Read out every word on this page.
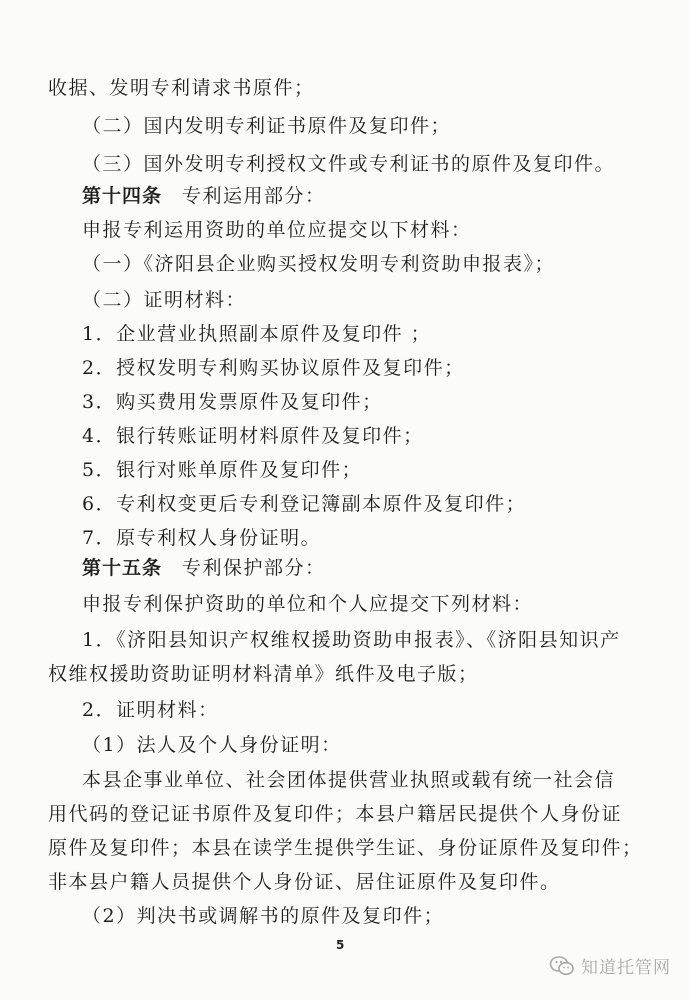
收据、发明专利请求书原件；
（二）国内发明专利证书原件及复印件；
（三）国外发明专利授权文件或专利证书的原件及复印件。
第十四条 专利运用部分：
申报专利运用资助的单位应提交以下材料：
（一）《济阳县企业购买授权发明专利资助申报表》；
（二）证明材料：
1．企业营业执照副本原件及复印件 ；
2．授权发明专利购买协议原件及复印件；
3．购买费用发票原件及复印件；
4．银行转账证明材料原件及复印件；
5．银行对账单原件及复印件；
6．专利权变更后专利登记簿副本原件及复印件；
7．原专利权人身份证明。
第十五条 专利保护部分：
申报专利保护资助的单位和个人应提交下列材料：
1．《济阳县知识产权维权援助资助申报表》、《济阳县知识产
权维权援助资助证明材料清单》纸件及电子版；
2．证明材料：
（1）法人及个人身份证明：
本县企事业单位、社会团体提供营业执照或载有统一社会信
用代码的登记证书原件及复印件；本县户籍居民提供个人身份证
原件及复印件；本县在读学生提供学生证、身份证原件及复印件；
非本县户籍人员提供个人身份证、居住证原件及复印件。
（2）判决书或调解书的原件及复印件；
5
知道托管网
